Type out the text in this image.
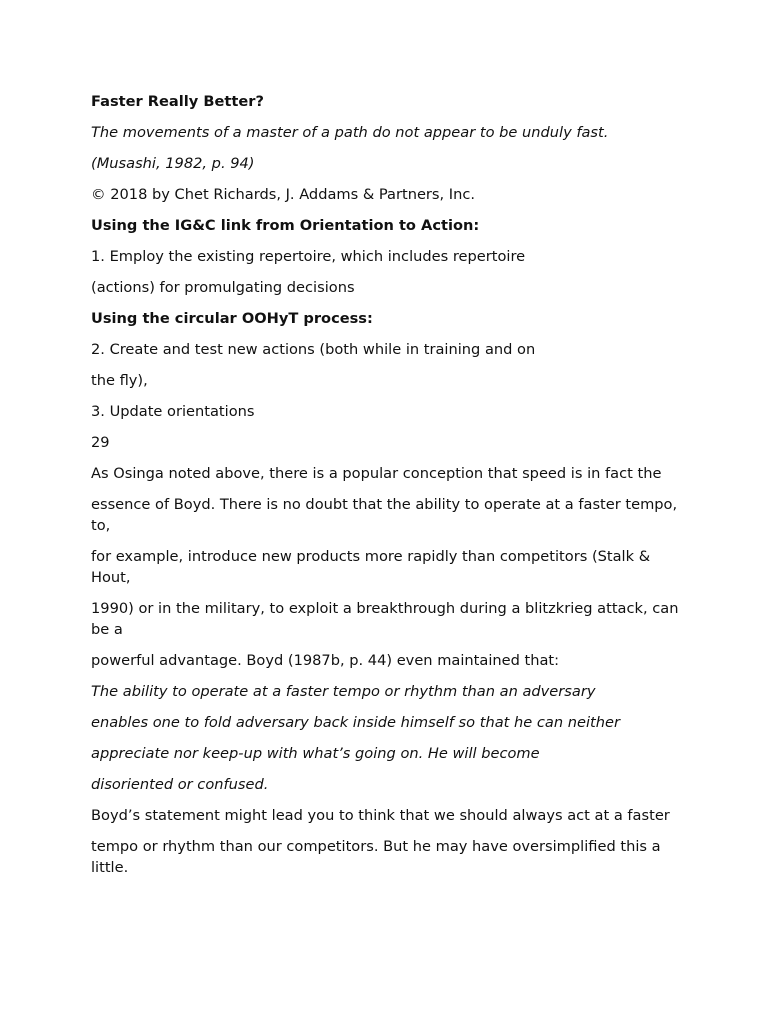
Faster Really Better?
The movements of a master of a path do not appear to be unduly fast.
(Musashi, 1982, p. 94)
© 2018 by Chet Richards, J. Addams & Partners, Inc.
Using the IG&C link from Orientation to Action:
1. Employ the existing repertoire, which includes repertoire
(actions) for promulgating decisions
Using the circular OOHyT process:
2. Create and test new actions (both while in training and on
the fly),
3. Update orientations
29
As Osinga noted above, there is a popular conception that speed is in fact the
essence of Boyd. There is no doubt that the ability to operate at a faster tempo, to,
for example, introduce new products more rapidly than competitors (Stalk & Hout,
1990) or in the military, to exploit a breakthrough during a blitzkrieg attack, can be a
powerful advantage. Boyd (1987b, p. 44) even maintained that:
The ability to operate at a faster tempo or rhythm than an adversary
enables one to fold adversary back inside himself so that he can neither
appreciate nor keep-up with what’s going on. He will become
disoriented or confused.
Boyd’s statement might lead you to think that we should always act at a faster
tempo or rhythm than our competitors. But he may have oversimplified this a little.
